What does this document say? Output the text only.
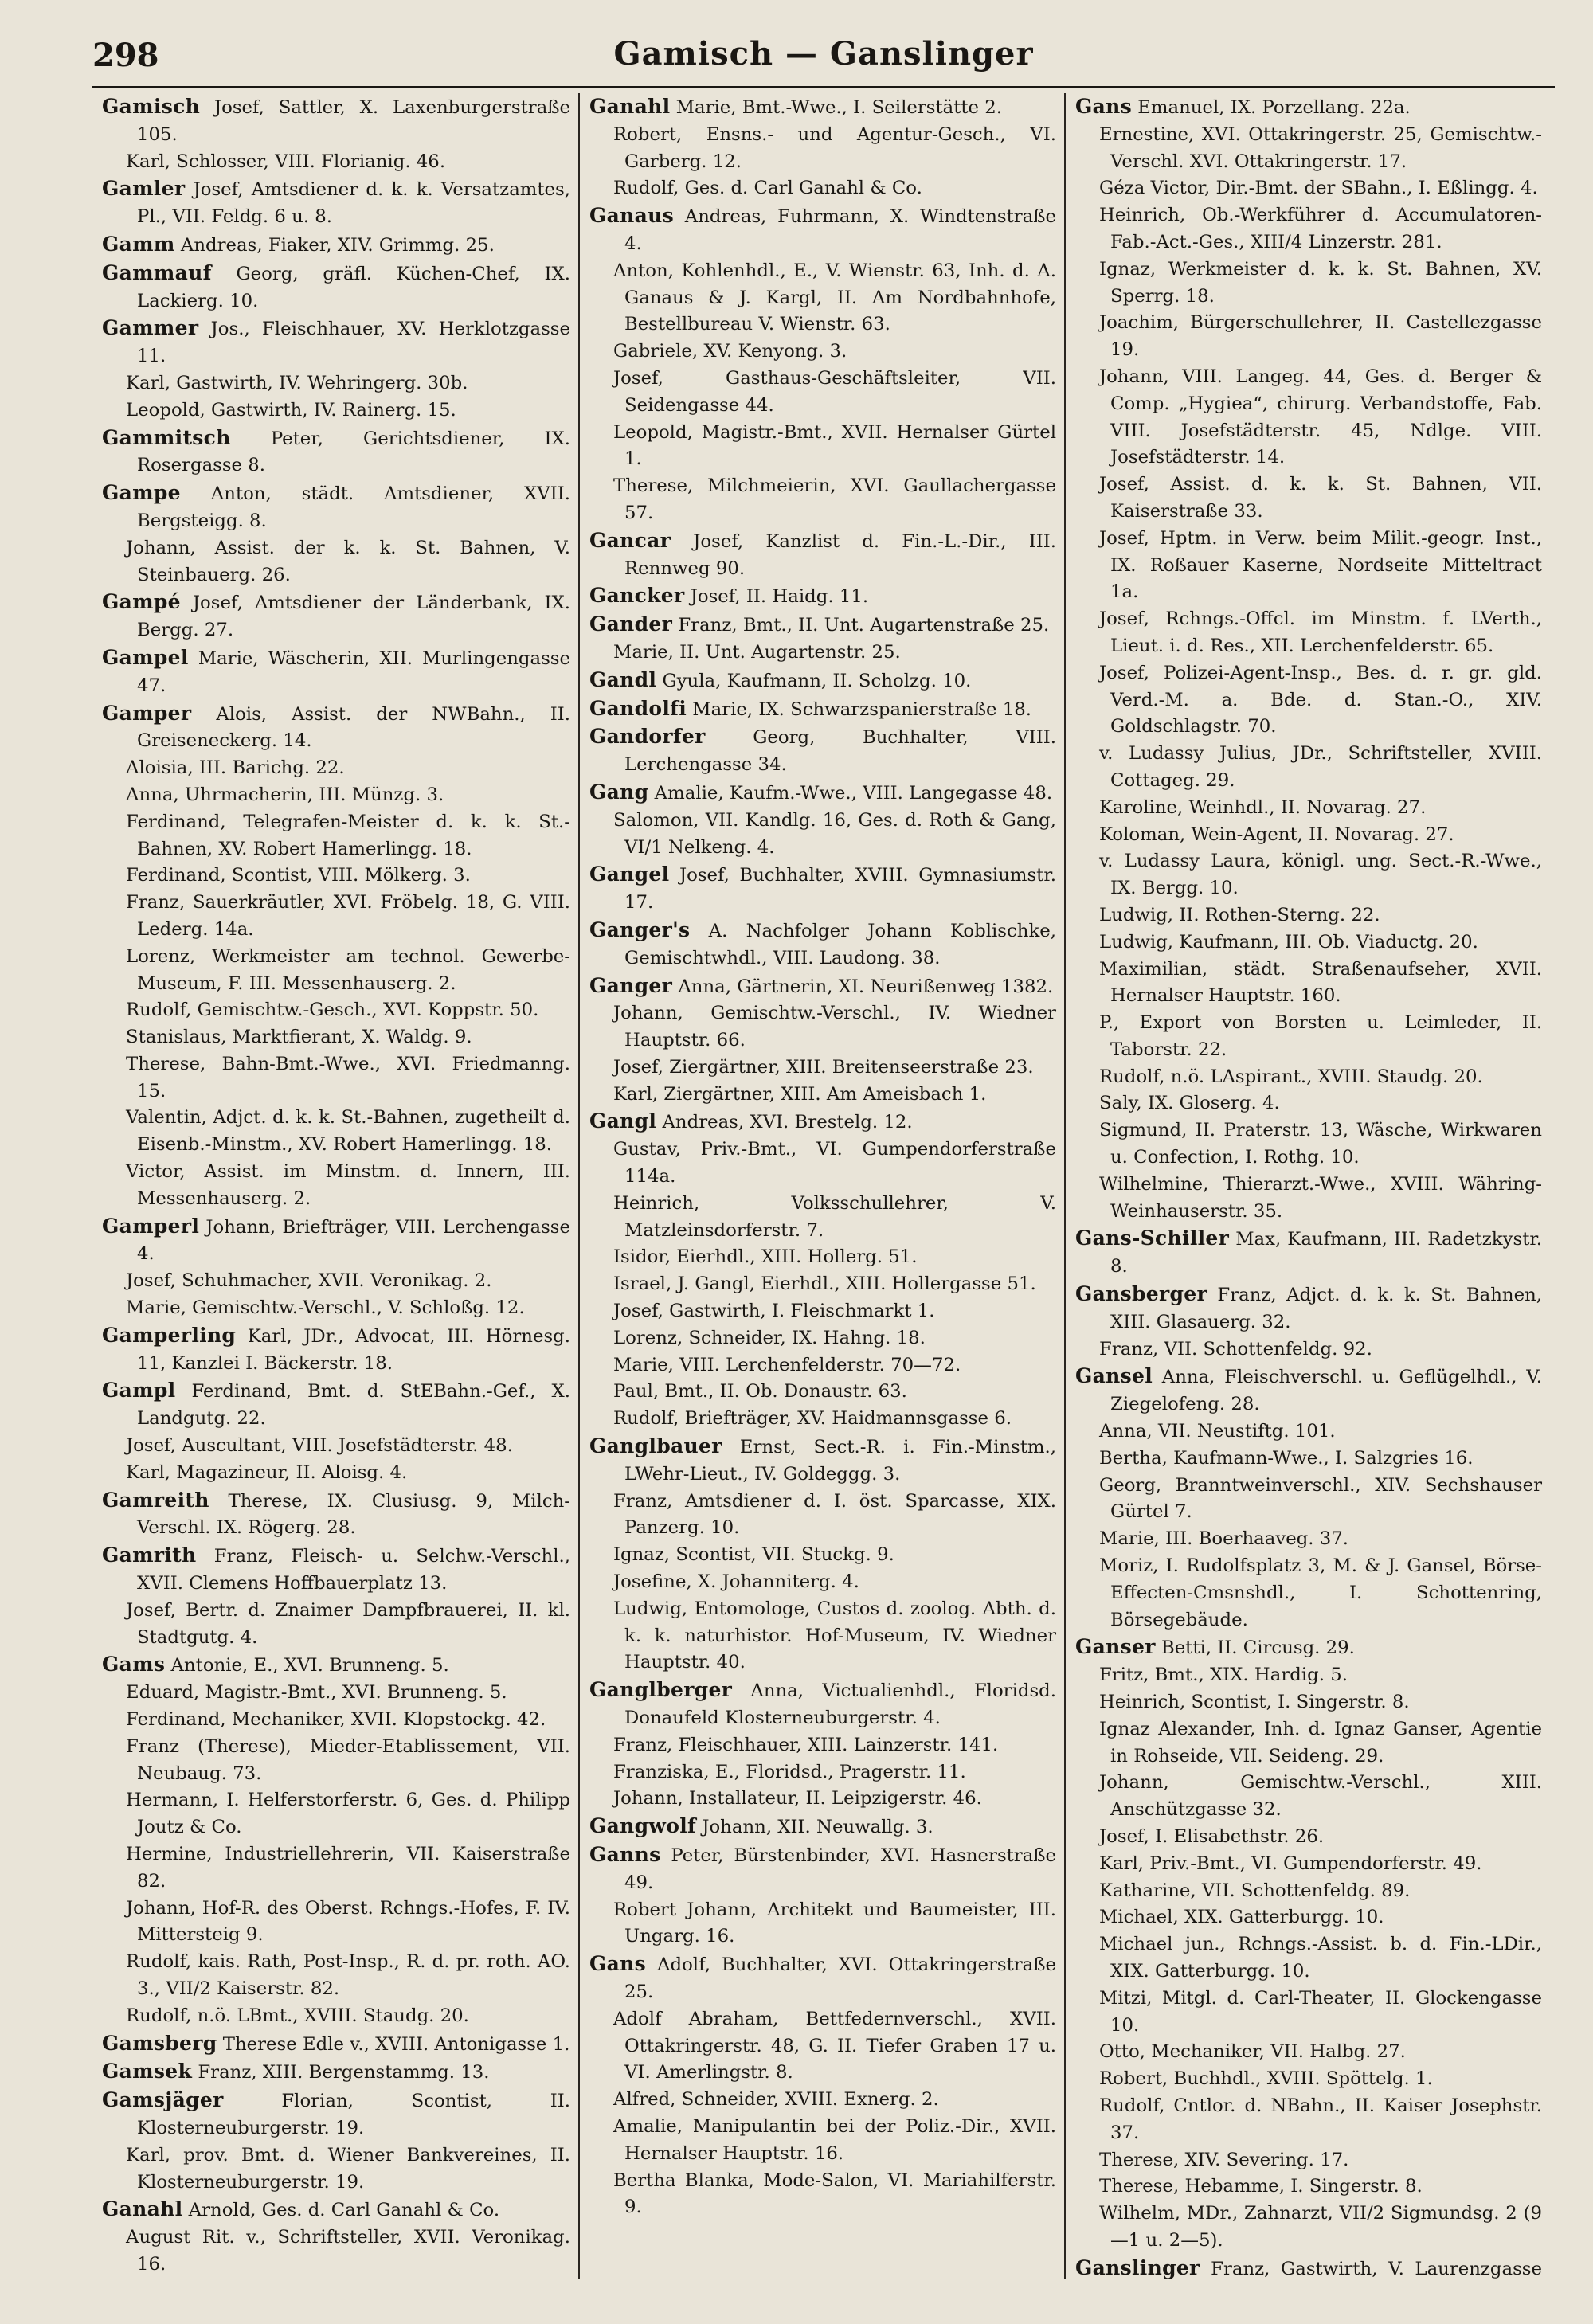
298	Gamisch — Ganslinger

Gamisch Josef, Sattler, X. Laxenburgerstraße 105.

Karl, Schlosser, VIII. Florianig. 46.

Gamler Josef, Amtsdiener d. k. k. Versatzamtes, Pl., VII. Feldg. 6 u. 8.

Gamm Andreas, Fiaker, XIV. Grimmg. 25.

Gammauf Georg, gräfl. Küchen-Chef, IX. Lackierg. 10.

Gammer Jos., Fleischhauer, XV. Herklotzgasse 11.

Karl, Gastwirth, IV. Wehringerg. 30b.

Leopold, Gastwirth, IV. Rainerg. 15.

Gammitsch Peter, Gerichtsdiener, IX. Rosergasse 8.

Gampe Anton, städt. Amtsdiener, XVII. Bergsteigg. 8.

Johann, Assist. der k. k. St. Bahnen, V. Steinbauerg. 26.

Gampé Josef, Amtsdiener der Länderbank, IX. Bergg. 27.

Gampel Marie, Wäscherin, XII. Murlingengasse 47.

Gamper Alois, Assist. der NWBahn., II. Greiseneckerg. 14.

Aloisia, III. Barichg. 22.

Anna, Uhrmacherin, III. Münzg. 3.

Ferdinand, Telegrafen-Meister d. k. k. St.-Bahnen, XV. Robert Hamerlingg. 18.

Ferdinand, Scontist, VIII. Mölkerg. 3.

Franz, Sauerkräutler, XVI. Fröbelg. 18, G. VIII. Lederg. 14a.

Lorenz, Werkmeister am technol. Gewerbe-Museum, F. III. Messenhauserg. 2.

Rudolf, Gemischtw.-Gesch., XVI. Koppstr. 50.

Stanislaus, Marktfierant, X. Waldg. 9.

Therese, Bahn-Bmt.-Wwe., XVI. Friedmanng. 15.

Valentin, Adjct. d. k. k. St.-Bahnen, zugetheilt d. Eisenb.-Minstm., XV. Robert Hamerlingg. 18.

Victor, Assist. im Minstm. d. Innern, III. Messenhauserg. 2.

Gamperl Johann, Briefträger, VIII. Lerchengasse 4.

Josef, Schuhmacher, XVII. Veronikag. 2.

Marie, Gemischtw.-Verschl., V. Schloßg. 12.

Gamperling Karl, JDr., Advocat, III. Hörnesg. 11, Kanzlei I. Bäckerstr. 18.

Gampl Ferdinand, Bmt. d. StEBahn.-Gef., X. Landgutg. 22.

Josef, Auscultant, VIII. Josefstädterstr. 48.

Karl, Magazineur, II. Aloisg. 4.

Gamreith Therese, IX. Clusiusg. 9, Milch-Verschl. IX. Rögerg. 28.

Gamrith Franz, Fleisch- u. Selchw.-Verschl., XVII. Clemens Hoffbauerplatz 13.

Josef, Bertr. d. Znaimer Dampfbrauerei, II. kl. Stadtgutg. 4.

Gams Antonie, E., XVI. Brunneng. 5.

Eduard, Magistr.-Bmt., XVI. Brunneng. 5.

Ferdinand, Mechaniker, XVII. Klopstockg. 42.

Franz (Therese), Mieder-Etablissement, VII. Neubaug. 73.

Hermann, I. Helferstorferstr. 6, Ges. d. Philipp Joutz & Co.

Hermine, Industriellehrerin, VII. Kaiserstraße 82.

Johann, Hof-R. des Oberst. Rchngs.-Hofes, F. IV. Mittersteig 9.

Rudolf, kais. Rath, Post-Insp., R. d. pr. roth. AO. 3., VII/2 Kaiserstr. 82.

Rudolf, n.ö. LBmt., XVIII. Staudg. 20.

Gamsberg Therese Edle v., XVIII. Antonigasse 1.

Gamsek Franz, XIII. Bergenstammg. 13.

Gamsjäger	Florian, Scontist, II. Klosterneuburgerstr. 19.

Karl, prov. Bmt. d. Wiener Bankvereines, II. Klosterneuburgerstr. 19.

Ganahl Arnold, Ges. d. Carl Ganahl & Co.

August Rit. v., Schriftsteller, XVII. Veronikag. 16.

Ganahl Marie, Bmt.-Wwe., I. Seilerstätte 2.

Robert, Ensns.- und Agentur-Gesch., VI. Garberg. 12.

Rudolf, Ges. d. Carl Ganahl & Co.

Ganaus Andreas, Fuhrmann, X. Windtenstraße 4.

Anton, Kohlenhdl., E., V. Wienstr. 63, Inh. d. A. Ganaus & J. Kargl, II. Am Nordbahnhofe, Bestellbureau V. Wienstr. 63.

Gabriele, XV. Kenyong. 3.

Josef, Gasthaus-Geschäftsleiter, VII. Seidengasse 44.

Leopold, Magistr.-Bmt., XVII. Hernalser Gürtel 1.

Therese, Milchmeierin, XVI. Gaullachergasse 57.

Gancar Josef, Kanzlist d. Fin.-L.-Dir., III. Rennweg 90.

Gancker Josef, II. Haidg. 11.

Gander Franz, Bmt., II. Unt. Augartenstraße 25.

Marie, II. Unt. Augartenstr. 25.

Gandl Gyula, Kaufmann, II. Scholzg. 10.

Gandolfi Marie, IX. Schwarzspanierstraße 18.

Gandorfer	Georg, Buchhalter, VIII. Lerchengasse 34.

Gang Amalie, Kaufm.-Wwe., VIII. Langegasse 48.

Salomon, VII. Kandlg. 16, Ges. d. Roth & Gang, VI/1 Nelkeng. 4.

Gangel Josef, Buchhalter, XVIII. Gymnasiumstr. 17.

Ganger's A. Nachfolger Johann Koblischke, Gemischtwhdl., VIII. Laudong. 38.

Ganger Anna, Gärtnerin, XI. Neurißenweg 1382.

Johann, Gemischtw.-Verschl., IV. Wiedner Hauptstr. 66.

Josef, Ziergärtner, XIII. Breitenseerstraße 23.

Karl, Ziergärtner, XIII. Am Ameisbach 1.

Gangl Andreas, XVI. Brestelg. 12.

Gustav, Priv.-Bmt., VI. Gumpendorferstraße 114a.

Heinrich, Volksschullehrer, V. Matzleinsdorferstr. 7.

Isidor, Eierhdl., XIII. Hollerg. 51.

Israel, J. Gangl, Eierhdl., XIII. Hollergasse 51.

Josef, Gastwirth, I. Fleischmarkt 1.

Lorenz, Schneider, IX. Hahng. 18.

Marie, VIII. Lerchenfelderstr. 70—72.

Paul, Bmt., II. Ob. Donaustr. 63.

Rudolf, Briefträger, XV. Haidmannsgasse 6.

Ganglbauer Ernst, Sect.-R. i. Fin.-Minstm., LWehr-Lieut., IV. Goldeggg. 3.

Franz, Amtsdiener d. I. öst. Sparcasse, XIX. Panzerg. 10.

Ignaz, Scontist, VII. Stuckg. 9.

Josefine, X. Johanniterg. 4.

Ludwig, Entomologe, Custos d. zoolog. Abth. d. k. k. naturhistor. Hof-Museum, IV. Wiedner Hauptstr. 40.

Ganglberger Anna, Victualienhdl., Floridsd. Donaufeld Klosterneuburgerstr. 4.

Franz, Fleischhauer, XIII. Lainzerstr. 141.

Franziska, E., Floridsd., Pragerstr. 11.

Johann, Installateur, II. Leipzigerstr. 46.

Gangwolf Johann, XII. Neuwallg. 3.

Ganns Peter, Bürstenbinder, XVI. Hasnerstraße 49.

Robert Johann, Architekt und Baumeister, III. Ungarg. 16.

Gans Adolf, Buchhalter, XVI. Ottakringerstraße 25.

Adolf Abraham, Bettfedernverschl., XVII. Ottakringerstr. 48, G. II. Tiefer Graben 17 u. VI. Amerlingstr. 8.

Alfred, Schneider, XVIII. Exnerg. 2.

Amalie, Manipulantin bei der Poliz.-Dir., XVII. Hernalser Hauptstr. 16.

Bertha Blanka, Mode-Salon, VI. Mariahilferstr. 9.

Gans Emanuel, IX. Porzellang. 22a.

Ernestine, XVI. Ottakringerstr. 25, Gemischtw.-Verschl. XVI. Ottakringerstr. 17.

Géza Victor, Dir.-Bmt. der SBahn., I. Eßlingg. 4.

Heinrich, Ob.-Werkführer d. Accumulatoren-Fab.-Act.-Ges., XIII/4 Linzerstr. 281.

Ignaz, Werkmeister d. k. k. St. Bahnen, XV. Sperrg. 18.

Joachim, Bürgerschullehrer, II. Castellezgasse 19.

Johann, VIII. Langeg. 44, Ges. d. Berger & Comp. „Hygiea“, chirurg. Verbandstoffe, Fab. VIII. Josefstädterstr. 45, Ndlge. VIII. Josefstädterstr. 14.

Josef, Assist. d. k. k. St. Bahnen, VII. Kaiserstraße 33.

Josef, Hptm. in Verw. beim Milit.-geogr. Inst., IX. Roßauer Kaserne, Nordseite Mitteltract 1a.

Josef, Rchngs.-Offcl. im Minstm. f. LVerth., Lieut. i. d. Res., XII. Lerchenfelderstr. 65.

Josef, Polizei-Agent-Insp., Bes. d. r. gr. gld. Verd.-M. a. Bde. d. Stan.-O., XIV. Goldschlagstr. 70.

v. Ludassy Julius, JDr., Schriftsteller, XVIII. Cottageg. 29.

Karoline, Weinhdl., II. Novarag. 27.

Koloman, Wein-Agent, II. Novarag. 27.

v. Ludassy Laura, königl. ung. Sect.-R.-Wwe., IX. Bergg. 10.

Ludwig, II. Rothen-Sterng. 22.

Ludwig, Kaufmann, III. Ob. Viaductg. 20.

Maximilian, städt. Straßenaufseher, XVII. Hernalser Hauptstr. 160.

P., Export von Borsten u. Leimleder, II. Taborstr. 22.

Rudolf, n.ö. LAspirant., XVIII. Staudg. 20.

Saly, IX. Gloserg. 4.

Sigmund, II. Praterstr. 13, Wäsche, Wirkwaren u. Confection, I. Rothg. 10.

Wilhelmine, Thierarzt.-Wwe., XVIII. Währing-Weinhauserstr. 35.

Gans-Schiller Max, Kaufmann, III. Radetzkystr. 8.

Gansberger Franz, Adjct. d. k. k. St. Bahnen, XIII. Glasauerg. 32.

Franz, VII. Schottenfeldg. 92.

Gansel Anna, Fleischverschl. u. Geflügelhdl., V. Ziegelofeng. 28.

Anna, VII. Neustiftg. 101.

Bertha, Kaufmann-Wwe., I. Salzgries 16.

Georg, Branntweinverschl., XIV. Sechshauser Gürtel 7.

Marie, III. Boerhaaveg. 37.

Moriz, I. Rudolfsplatz 3, M. & J. Gansel, Börse-Effecten-Cmsnshdl., I. Schottenring, Börsegebäude.

Ganser Betti, II. Circusg. 29.

Fritz, Bmt., XIX. Hardig. 5.

Heinrich, Scontist, I. Singerstr. 8.

Ignaz Alexander, Inh. d. Ignaz Ganser, Agentie in Rohseide, VII. Seideng. 29.

Johann, Gemischtw.-Verschl., XIII. Anschützgasse 32.

Josef, I. Elisabethstr. 26.

Karl, Priv.-Bmt., VI. Gumpendorferstr. 49.

Katharine, VII. Schottenfeldg. 89.

Michael, XIX. Gatterburgg. 10.

Michael jun., Rchngs.-Assist. b. d. Fin.-LDir., XIX. Gatterburgg. 10.

Mitzi, Mitgl. d. Carl-Theater, II. Glockengasse 10.

Otto, Mechaniker, VII. Halbg. 27.

Robert, Buchhdl., XVIII. Spöttelg. 1.

Rudolf, Cntlor. d. NBahn., II. Kaiser Josephstr. 37.

Therese, XIV. Severing. 17.

Therese, Hebamme, I. Singerstr. 8.

Wilhelm, MDr., Zahnarzt, VII/2 Sigmundsg. 2 (9—1 u. 2—5).

Ganslinger Franz, Gastwirth, V. Laurenzgasse
